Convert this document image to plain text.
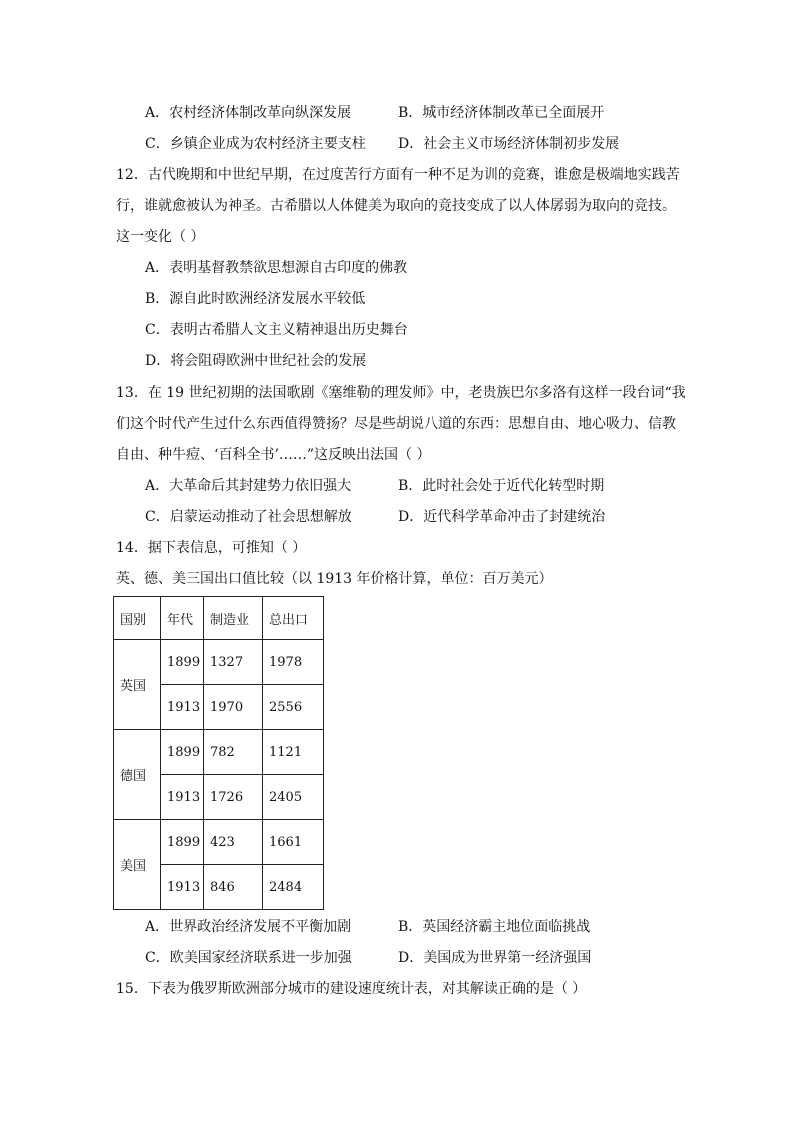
A．农村经济体制改革向纵深发展	B．城市经济体制改革已全面展开
C．乡镇企业成为农村经济主要支柱 D．社会主义市场经济体制初步发展
12．古代晚期和中世纪早期，在过度苦行方面有一种不足为训的竞赛，谁愈是极端地实践苦
行，谁就愈被认为神圣。古希腊以人体健美为取向的竞技变成了以人体孱弱为取向的竞技。
这一变化（ ）
A．表明基督教禁欲思想源自古印度的佛教
B．源自此时欧洲经济发展水平较低
C．表明古希腊人文主义精神退出历史舞台
D．将会阻碍欧洲中世纪社会的发展
13．在 19 世纪初期的法国歌剧《塞维勒的理发师》中，老贵族巴尔多洛有这样一段台词“我
们这个时代产生过什么东西值得赞扬？尽是些胡说八道的东西：思想自由、地心吸力、信教
自由、种牛痘、‘百科全书’……”这反映出法国（ ）
A．大革命后其封建势力依旧强大	B．此时社会处于近代化转型时期
C．启蒙运动推动了社会思想解放	D．近代科学革命冲击了封建统治
14．据下表信息，可推知（ ）
英、德、美三国出口值比较（以 1913 年价格计算，单位：百万美元）
国别	年代	制造业	总出口
英国	1899	1327	1978
	1913	1970	2556
德国	1899	782	1121
	1913	1726	2405
美国	1899	423	1661
	1913	846	2484
A．世界政治经济发展不平衡加剧	B．英国经济霸主地位面临挑战
C．欧美国家经济联系进一步加强	D．美国成为世界第一经济强国
15．下表为俄罗斯欧洲部分城市的建设速度统计表，对其解读正确的是（ ）
